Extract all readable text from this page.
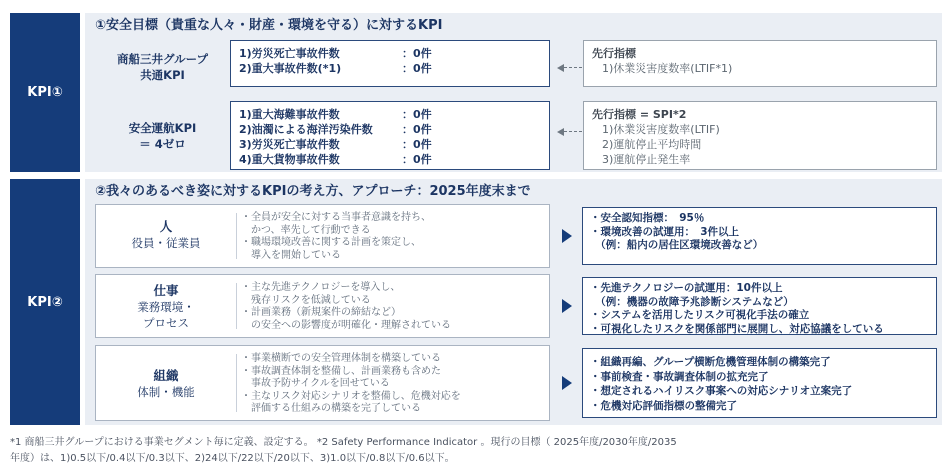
KPI①
①安全目標（貴重な人々・財産・環境を守る）に対するKPI
商船三井グループ
共通KPI
1)労災死亡事故件数	：0件
2)重大事故件数(*1)	：0件
先行指標
1)休業災害度数率(LTIF*1)
安全運航KPI
＝ 4ゼロ
1)重大海難事故件数	：0件
2)油濁による海洋汚染件数	：0件
3)労災死亡事故件数	：0件
4)重大貨物事故件数	：0件
先行指標 = SPI*2
1)休業災害度数率(LTIF)
2)運航停止平均時間
3)運航停止発生率
KPI②
②我々のあるべき姿に対するKPIの考え方、アプローチ：2025年度末まで
人
役員・従業員
・全員が安全に対する当事者意識を持ち、
　かつ、率先して行動できる
・職場環境改善に関する計画を策定し、
　導入を開始している
・安全認知指標：　95％
・環境改善の試運用：　3件以上
　（例：船内の居住区環境改善など）
仕事
業務環境・
プロセス
・主な先進テクノロジーを導入し、
　残存リスクを低減している
・計画業務（新規案件の締結など）
　の安全への影響度が明確化・理解されている
・先進テクノロジーの試運用：10件以上
　（例：機器の故障予兆診断システムなど）
・システムを活用したリスク可視化手法の確立
・可視化したリスクを関係部門に展開し、対応協議をしている
組織
体制・機能
・事業横断での安全管理体制を構築している
・事故調査体制を整備し、計画業務も含めた
　事故予防サイクルを回せている
・主なリスク対応シナリオを整備し、危機対応を
　評価する仕組みの構築を完了している
・組織再編、グループ横断危機管理体制の構築完了
・事前検査・事故調査体制の拡充完了
・想定されるハイリスク事案への対応シナリオ立案完了
・危機対応評価指標の整備完了
*1 商船三井グループにおける事業セグメント毎に定義、設定する。 *2 Safety Performance Indicator 。現行の目標（ 2025年度/2030年度/2035
年度）は、1)0.5以下/0.4以下/0.3以下、2)24以下/22以下/20以下、3)1.0以下/0.8以下/0.6以下。
